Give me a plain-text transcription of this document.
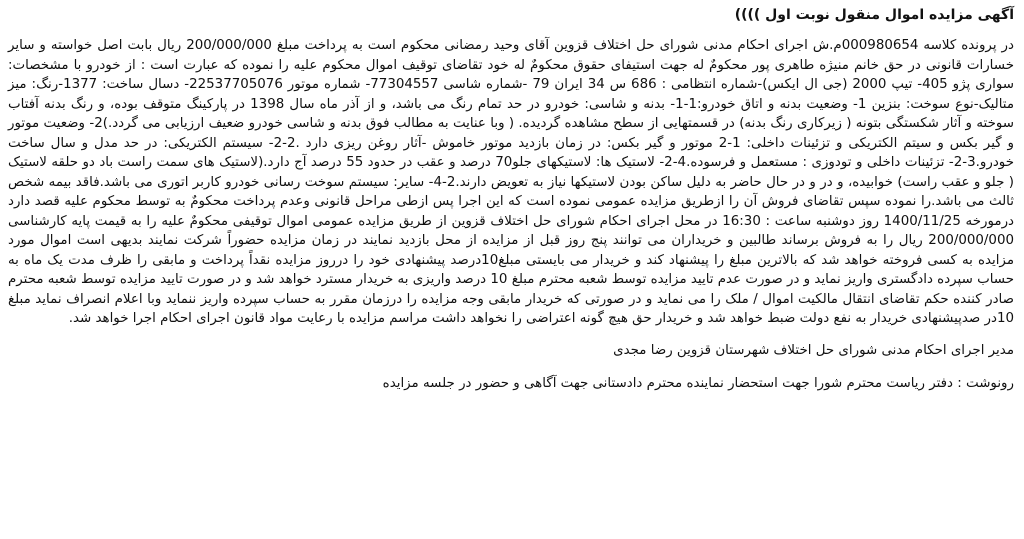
آگهی مزایده اموال منقول نوبت اول ))))

در پرونده کلاسه 000980654م.ش اجرای احکام مدنی شورای حل اختلاف قزوین آقای وحید رمضانی محکوم است به پرداخت مبلغ 200/000/000 ریال بابت اصل خواسته و سایر خسارات قانونی در حق خانم منیژه طاهری پور محکومٌ له جهت استیفای حقوق محکومٌ له خود تقاضای توقیف اموال محکوم علیه را نموده که عبارت است : از خودرو با مشخصات: سواری پژو 405- تیپ 2000 (جی ال ایکس)-شماره انتظامی : 686 س 34 ایران 79 -شماره شاسی 77304557- شماره موتور 22537705076- دسال ساخت: 1377-رنگ: میز متالیک-نوع سوخت: بنزین 1- وضعیت بدنه و اتاق خودرو:1-1- بدنه و شاسی: خودرو در حد تمام رنگ می باشد، و از آذر ماه سال 1398 در پارکینگ متوقف بوده، و رنگ بدنه آفتاب سوخته و آثار شکستگی بتونه ( زیرکاری رنگ بدنه) در قسمتهایی از سطح مشاهده گردیده. ( وبا عنایت به مطالب فوق بدنه و شاسی خودرو ضعیف ارزیابی می گردد.)2- وضعیت موتور و گیر بکس و سیتم الکتریکی و تزئینات داخلی: 1-2 موتور و گیر بکس: در زمان بازدید موتور خاموش -آثار روغن ریزی دارد .2-2- سیستم الکتریکی: در حد مدل و سال ساخت خودرو.3-2- تزئینات داخلی و تودوزی : مستعمل و فرسوده.4-2- لاستیک ها: لاستیکهای جلو70 درصد و عقب در حدود 55 درصد آج دارد.(لاستیک های سمت راست باد دو حلقه لاستیک ( جلو و عقب راست) خوابیده، و در و در حال حاضر به دلیل ساکن بودن لاستیکها نیاز به تعویض دارند.2-4- سایر: سیستم سوخت رسانی خودرو کاربر اتوری می باشد.فاقد بیمه شخص ثالث می باشد.را نموده سپس تقاضای فروش آن را ازطریق مزایده عمومی نموده است که این اجرا پس ازطی مراحل قانونی وعدم پرداخت محکومٌ به توسط محکوم علیه قصد دارد درمورخه 1400/11/25 روز دوشنبه ساعت : 16:30 در محل اجرای احکام شورای حل اختلاف قزوین از طریق مزایده عمومی اموال توقیفی محکومٌ علیه را به قیمت پایه کارشناسی 200/000/000 ریال را به فروش برساند طالبین و خریداران می توانند پنج روز قبل از مزایده از محل بازدید نمایند در زمان مزایده حضوراً شرکت نمایند بدیهی است اموال مورد مزایده به کسی فروخته خواهد شد که بالاترین مبلغ را پیشنهاد کند و خریدار می بایستی مبلغ10درصد پیشنهادی خود را درروز مزایده نقداً پرداخت و مابقی را ظرف مدت یک ماه به حساب سپرده دادگستری واریز نماید و در صورت عدم تایید مزایده توسط شعبه محترم مبلغ 10 درصد واریزی به خریدار مسترد خواهد شد و در صورت تایید مزایده توسط شعبه محترم صادر کننده حکم تقاضای انتقال مالکیت اموال / ملک را می نماید و در صورتی که خریدار مابقی وجه مزایده را درزمان مقرر به حساب سپرده واریز ننماید وبا اعلام انصراف نماید مبلغ 10در صدپیشنهادی خریدار به نفع دولت ضبط خواهد شد و خریدار حق هیچ گونه اعتراضی را نخواهد داشت مراسم مزایده با رعایت مواد قانون اجرای احکام اجرا خواهد شد.

مدیر اجرای احکام مدنی شورای حل اختلاف شهرستان قزوین رضا مجدی

رونوشت : دفتر ریاست محترم شورا جهت استحضار نماینده محترم دادستانی جهت آگاهی و حضور در جلسه مزایده
